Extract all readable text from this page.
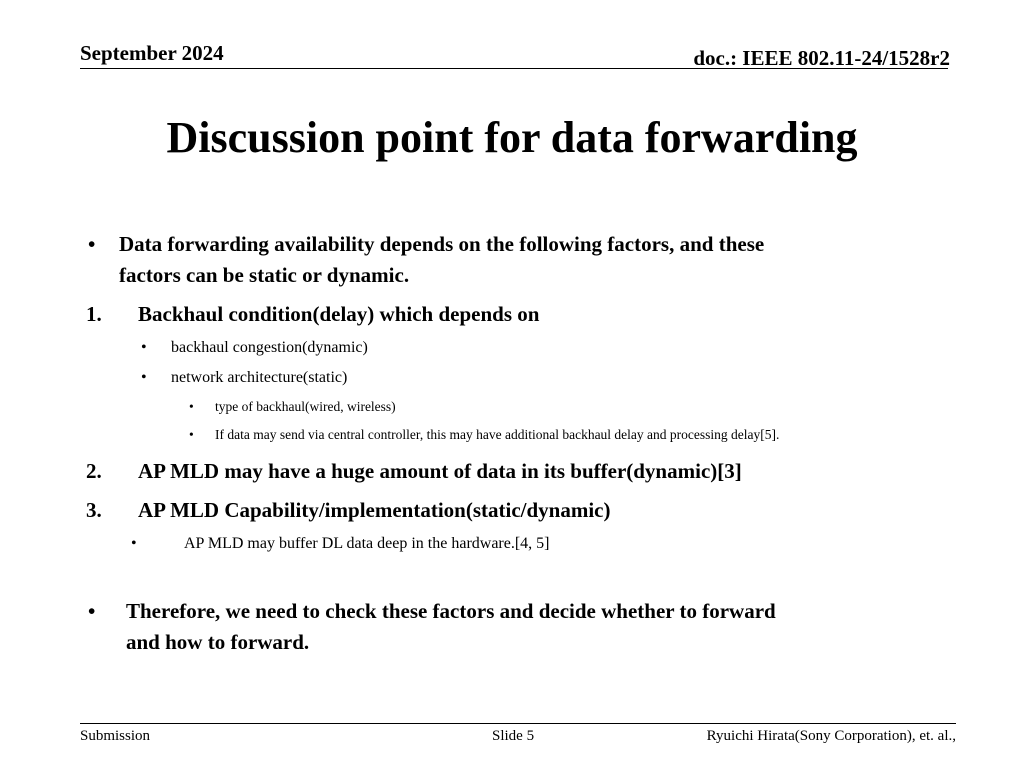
September 2024	doc.: IEEE 802.11-24/1528r2
Discussion point for data forwarding
• Data forwarding availability depends on the following factors, and these
factors can be static or dynamic.
1. Backhaul condition(delay) which depends on
• backhaul congestion(dynamic)
• network architecture(static)
• type of backhaul(wired, wireless)
• If data may send via central controller, this may have additional backhaul delay and processing delay[5].
2. AP MLD may have a huge amount of data in its buffer(dynamic)[3]
3. AP MLD Capability/implementation(static/dynamic)
•	AP MLD may buffer DL data deep in the hardware.[4, 5]
• Therefore, we need to check these factors and decide whether to forward
and how to forward.
Submission	Slide 5	Ryuichi Hirata(Sony Corporation), et. al.,
